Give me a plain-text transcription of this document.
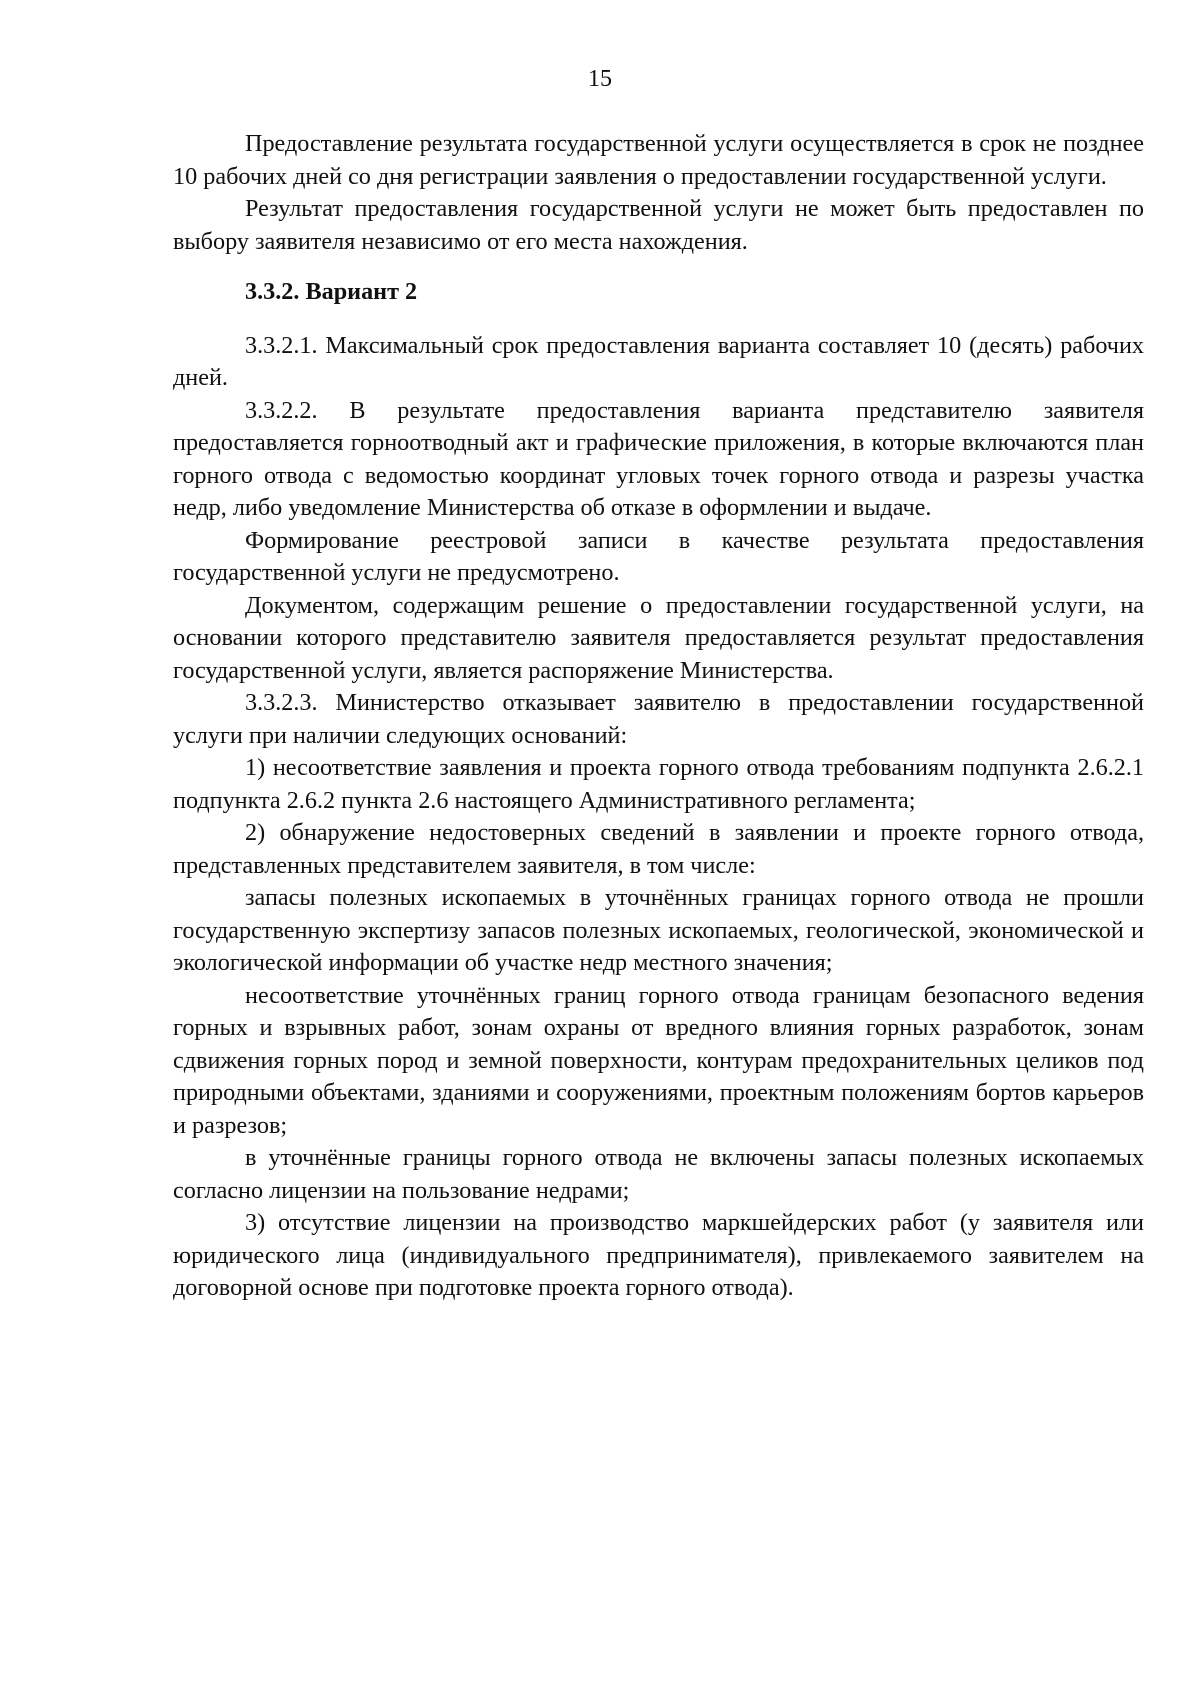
15

Предоставление результата государственной услуги осуществляется в срок не позднее 10 рабочих дней со дня регистрации заявления о предоставлении государственной услуги.

Результат предоставления государственной услуги не может быть предоставлен по выбору заявителя независимо от его места нахождения.

3.3.2. Вариант 2

3.3.2.1. Максимальный срок предоставления варианта составляет 10 (десять) рабочих дней.

3.3.2.2. В результате предоставления варианта представителю заявителя предоставляется горноотводный акт и графические приложения, в которые включаются план горного отвода с ведомостью координат угловых точек горного отвода и разрезы участка недр, либо уведомление Министерства об отказе в оформлении и выдаче.

Формирование реестровой записи в качестве результата предоставления государственной услуги не предусмотрено.

Документом, содержащим решение о предоставлении государственной услуги, на основании которого представителю заявителя предоставляется результат предоставления государственной услуги, является распоряжение Министерства.

3.3.2.3. Министерство отказывает заявителю в предоставлении государственной услуги при наличии следующих оснований:

1) несоответствие заявления и проекта горного отвода требованиям подпункта 2.6.2.1 подпункта 2.6.2 пункта 2.6 настоящего Административного регламента;

2) обнаружение недостоверных сведений в заявлении и проекте горного отвода, представленных представителем заявителя, в том числе:

запасы полезных ископаемых в уточнённых границах горного отвода не прошли государственную экспертизу запасов полезных ископаемых, геологической, экономической и экологической информации об участке недр местного значения;

несоответствие уточнённых границ горного отвода границам безопасного ведения горных и взрывных работ, зонам охраны от вредного влияния горных разработок, зонам сдвижения горных пород и земной поверхности, контурам предохранительных целиков под природными объектами, зданиями и сооружениями, проектным положениям бортов карьеров и разрезов;

в уточнённые границы горного отвода не включены запасы полезных ископаемых согласно лицензии на пользование недрами;

3) отсутствие лицензии на производство маркшейдерских работ (у заявителя или юридического лица (индивидуального предпринимателя), привлекаемого заявителем на договорной основе при подготовке проекта горного отвода).
